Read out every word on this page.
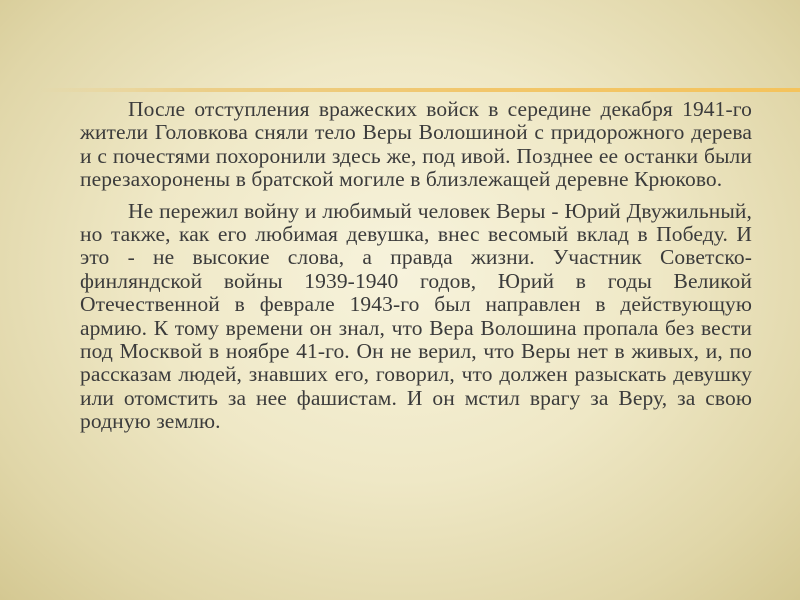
После отступления вражеских войск в середине декабря 1941-го жители Головкова сняли тело Веры Волошиной с придорожного дерева и с почестями похоронили здесь же, под ивой. Позднее ее останки были перезахоронены в братской могиле в близлежащей деревне Крюково.

Не пережил войну и любимый человек Веры - Юрий Двужильный, но также, как его любимая девушка, внес весомый вклад в Победу. И это - не высокие слова, а правда жизни. Участник Советско-финляндской войны 1939-1940 годов, Юрий в годы Великой Отечественной в феврале 1943-го был направлен в действующую армию. К тому времени он знал, что Вера Волошина пропала без вести под Москвой в ноябре 41-го. Он не верил, что Веры нет в живых, и, по рассказам людей, знавших его, говорил, что должен разыскать девушку или отомстить за нее фашистам. И он мстил врагу за Веру, за свою родную землю.
